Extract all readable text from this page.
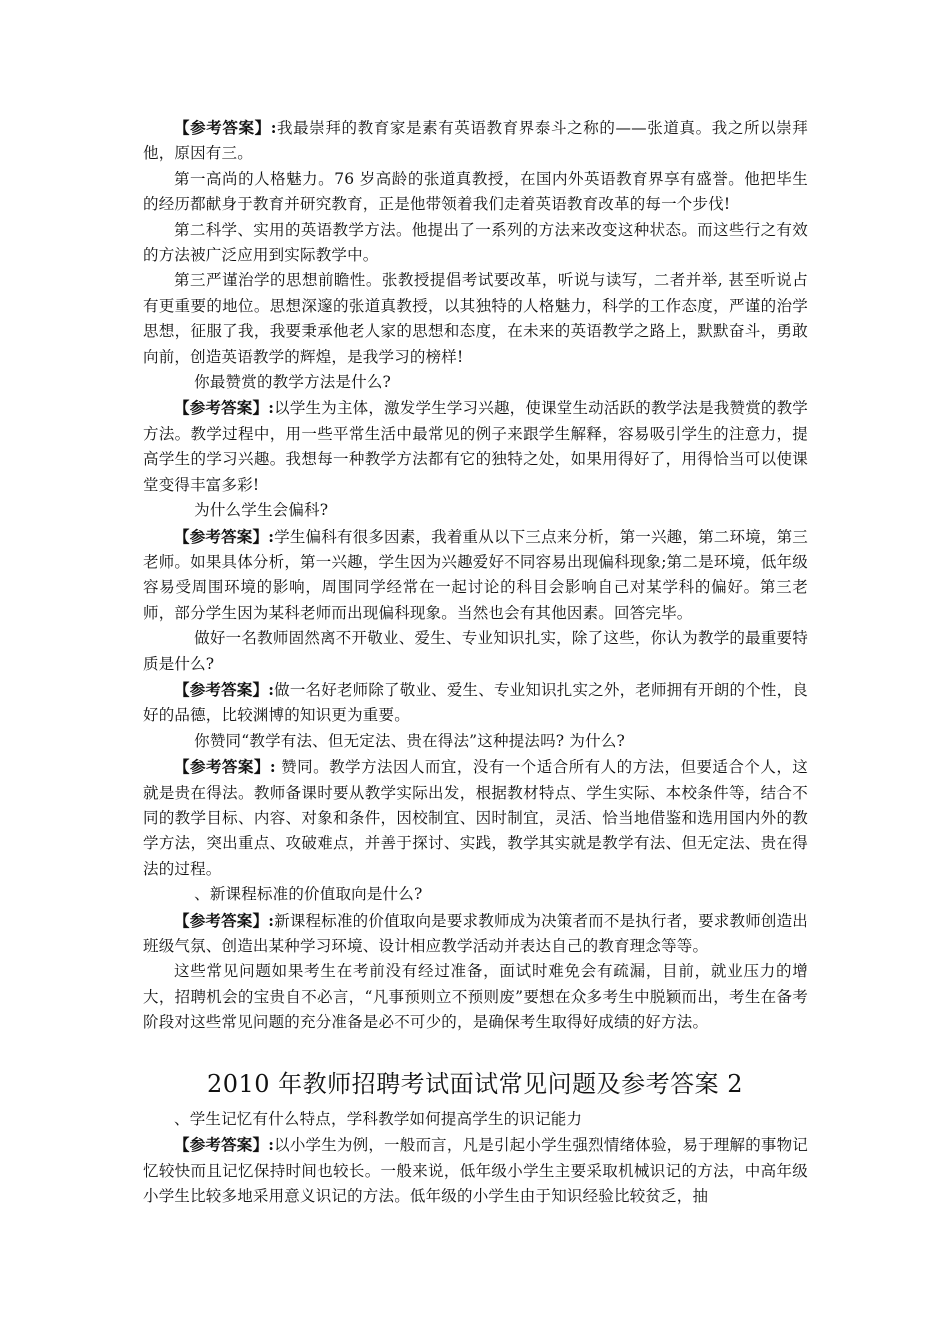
【参考答案】:我最崇拜的教育家是素有英语教育界泰斗之称的——张道真。我之所以崇拜他，原因有三。

第一高尚的人格魅力。76 岁高龄的张道真教授，在国内外英语教育界享有盛誉。他把毕生的经历都献身于教育并研究教育，正是他带领着我们走着英语教育改革的每一个步伐!

第二科学、实用的英语教学方法。他提出了一系列的方法来改变这种状态。而这些行之有效的方法被广泛应用到实际教学中。

第三严谨治学的思想前瞻性。张教授提倡考试要改革，听说与读写，二者并举, 甚至听说占有更重要的地位。思想深邃的张道真教授，以其独特的人格魅力，科学的工作态度，严谨的治学思想，征服了我，我要秉承他老人家的思想和态度，在未来的英语教学之路上，默默奋斗，勇敢向前，创造英语教学的辉煌，是我学习的榜样!

你最赞赏的教学方法是什么?

【参考答案】:以学生为主体，激发学生学习兴趣，使课堂生动活跃的教学法是我赞赏的教学方法。教学过程中，用一些平常生活中最常见的例子来跟学生解释，容易吸引学生的注意力，提高学生的学习兴趣。我想每一种教学方法都有它的独特之处，如果用得好了，用得恰当可以使课堂变得丰富多彩!

为什么学生会偏科?

【参考答案】:学生偏科有很多因素，我着重从以下三点来分析，第一兴趣，第二环境，第三老师。如果具体分析，第一兴趣，学生因为兴趣爱好不同容易出现偏科现象;第二是环境，低年级容易受周围环境的影响，周围同学经常在一起讨论的科目会影响自己对某学科的偏好。第三老师，部分学生因为某科老师而出现偏科现象。当然也会有其他因素。回答完毕。

做好一名教师固然离不开敬业、爱生、专业知识扎实，除了这些，你认为教学的最重要特质是什么?

【参考答案】:做一名好老师除了敬业、爱生、专业知识扎实之外，老师拥有开朗的个性，良好的品德，比较渊博的知识更为重要。

你赞同“教学有法、但无定法、贵在得法”这种提法吗? 为什么?

【参考答案】: 赞同。教学方法因人而宜，没有一个适合所有人的方法，但要适合个人，这就是贵在得法。教师备课时要从教学实际出发，根据教材特点、学生实际、本校条件等，结合不同的教学目标、内容、对象和条件，因校制宜、因时制宜，灵活、恰当地借鉴和选用国内外的教学方法，突出重点、攻破难点，并善于探讨、实践，教学其实就是教学有法、但无定法、贵在得法的过程。

、新课程标准的价值取向是什么?

【参考答案】:新课程标准的价值取向是要求教师成为决策者而不是执行者，要求教师创造出班级气氛、创造出某种学习环境、设计相应教学活动并表达自己的教育理念等等。

这些常见问题如果考生在考前没有经过准备，面试时难免会有疏漏，目前，就业压力的增大，招聘机会的宝贵自不必言，“凡事预则立不预则废”要想在众多考生中脱颖而出，考生在备考阶段对这些常见问题的充分准备是必不可少的，是确保考生取得好成绩的好方法。

2010 年教师招聘考试面试常见问题及参考答案 2

、学生记忆有什么特点，学科教学如何提高学生的识记能力

【参考答案】:以小学生为例，一般而言，凡是引起小学生强烈情绪体验，易于理解的事物记忆较快而且记忆保持时间也较长。一般来说，低年级小学生主要采取机械识记的方法，中高年级小学生比较多地采用意义识记的方法。低年级的小学生由于知识经验比较贫乏，抽
